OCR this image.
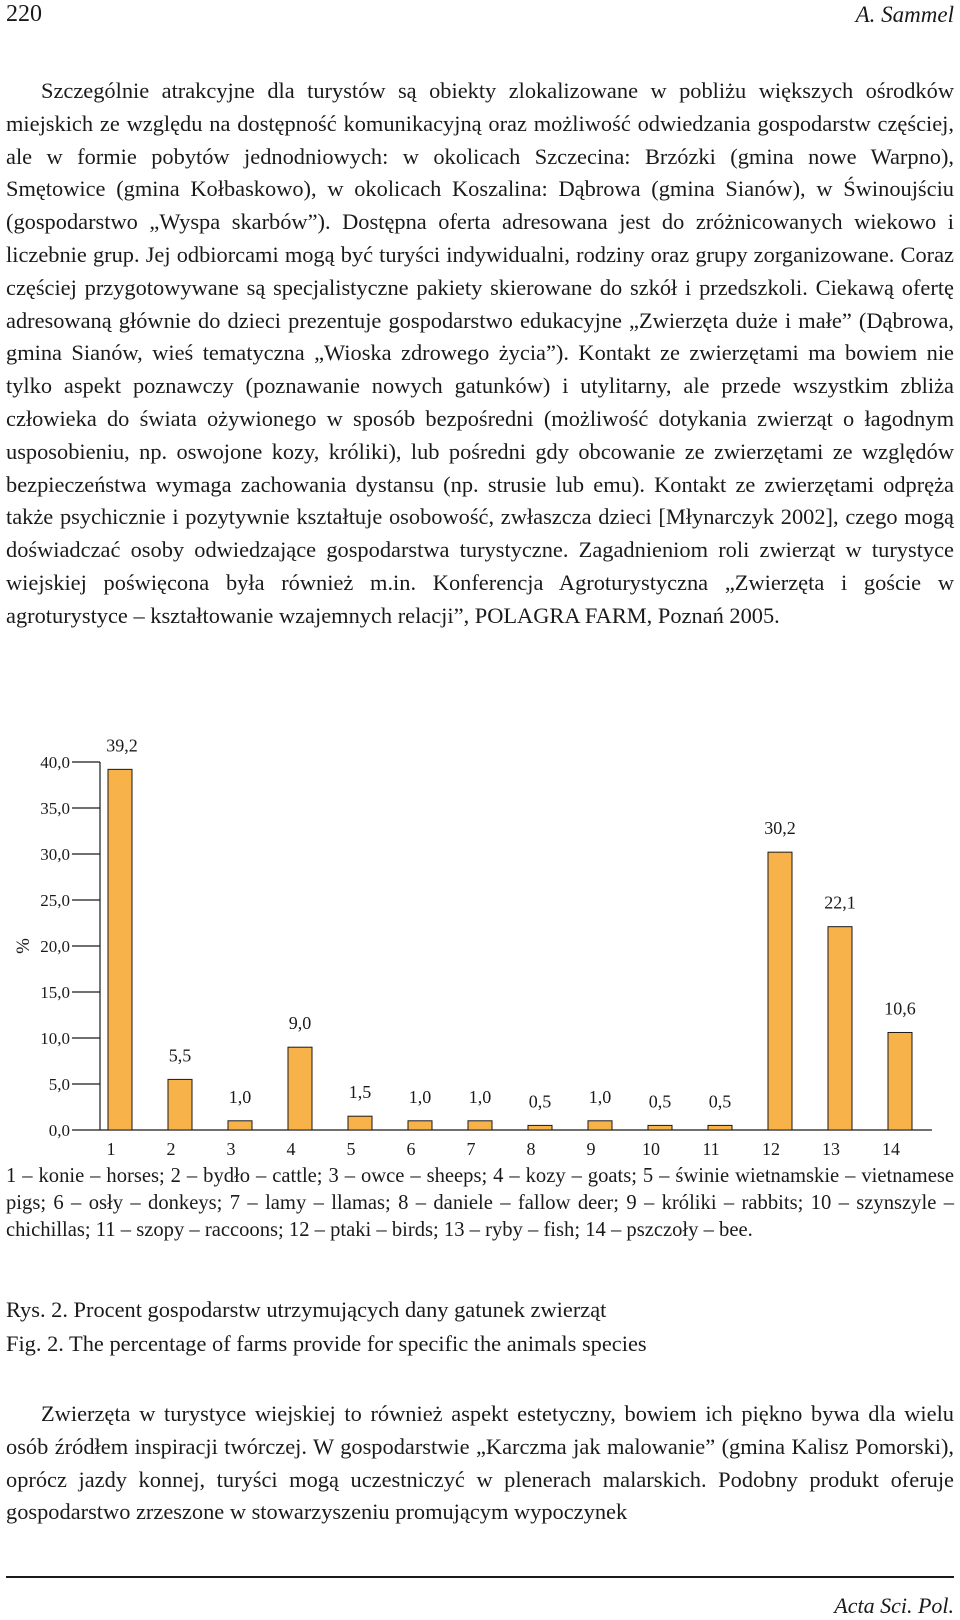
220	A. Sammel

Szczególnie atrakcyjne dla turystów są obiekty zlokalizowane w pobliżu większych ośrodków miejskich ze względu na dostępność komunikacyjną oraz możliwość odwiedzania gospodarstw częściej, ale w formie pobytów jednodniowych: w okolicach Szczecina: Brzózki (gmina nowe Warpno), Smętowice (gmina Kołbaskowo), w okolicach Koszalina: Dąbrowa (gmina Sianów), w Świnoujściu (gospodarstwo „Wyspa skarbów”). Dostępna oferta adresowana jest do zróżnicowanych wiekowo i liczebnie grup. Jej odbiorcami mogą być turyści indywidualni, rodziny oraz grupy zorganizowane. Coraz częściej przygotowywane są specjalistyczne pakiety skierowane do szkół i przedszkoli. Ciekawą ofertę adresowaną głównie do dzieci prezentuje gospodarstwo edukacyjne „Zwierzęta duże i małe” (Dąbrowa, gmina Sianów, wieś tematyczna „Wioska zdrowego życia”). Kontakt ze zwierzętami ma bowiem nie tylko aspekt poznawczy (poznawanie nowych gatunków) i utylitarny, ale przede wszystkim zbliża człowieka do świata ożywionego w sposób bezpośredni (możliwość dotykania zwierząt o łagodnym usposobieniu, np. oswojone kozy, króliki), lub pośredni gdy obcowanie ze zwierzętami ze względów bezpieczeństwa wymaga zachowania dystansu (np. strusie lub emu). Kontakt ze zwierzętami odpręża także psychicznie i pozytywnie kształtuje osobowość, zwłaszcza dzieci [Młynarczyk 2002], czego mogą doświadczać osoby odwiedzające gospodarstwa turystyczne. Zagadnieniom roli zwierząt w turystyce wiejskiej poświęcona była również m.in. Konferencja Agroturystyczna „Zwierzęta i goście w agroturystyce – kształtowanie wzajemnych relacji”, POLAGRA FARM, Poznań 2005.

0,0
5,0
10,0
15,0
20,0
25,0
30,0
35,0
40,0
%
39,2
1
5,5
2
1,0
3
9,0
4
1,5
5
1,0
6
1,0
7
0,5
8
1,0
9
0,5
10
0,5
11
30,2
12
22,1
13
10,6
14

1 – konie – horses; 2 – bydło – cattle; 3 – owce – sheeps; 4 – kozy – goats; 5 – świnie wietnamskie – vietnamese pigs; 6 – osły – donkeys; 7 – lamy – llamas; 8 – daniele – fallow deer; 9 – króliki – rabbits; 10 – szynszyle – chichillas; 11 – szopy – raccoons; 12 – ptaki – birds; 13 – ryby – fish; 14 – pszczoły – bee.

Rys. 2. Procent gospodarstw utrzymujących dany gatunek zwierząt

Fig. 2. The percentage of farms provide for specific the animals species

Zwierzęta w turystyce wiejskiej to również aspekt estetyczny, bowiem ich piękno bywa dla wielu osób źródłem inspiracji twórczej. W gospodarstwie „Karczma jak malowanie” (gmina Kalisz Pomorski), oprócz jazdy konnej, turyści mogą uczestniczyć w plenerach malarskich. Podobny produkt oferuje gospodarstwo zrzeszone w stowarzyszeniu promującym wypoczynek

Acta Sci. Pol.
